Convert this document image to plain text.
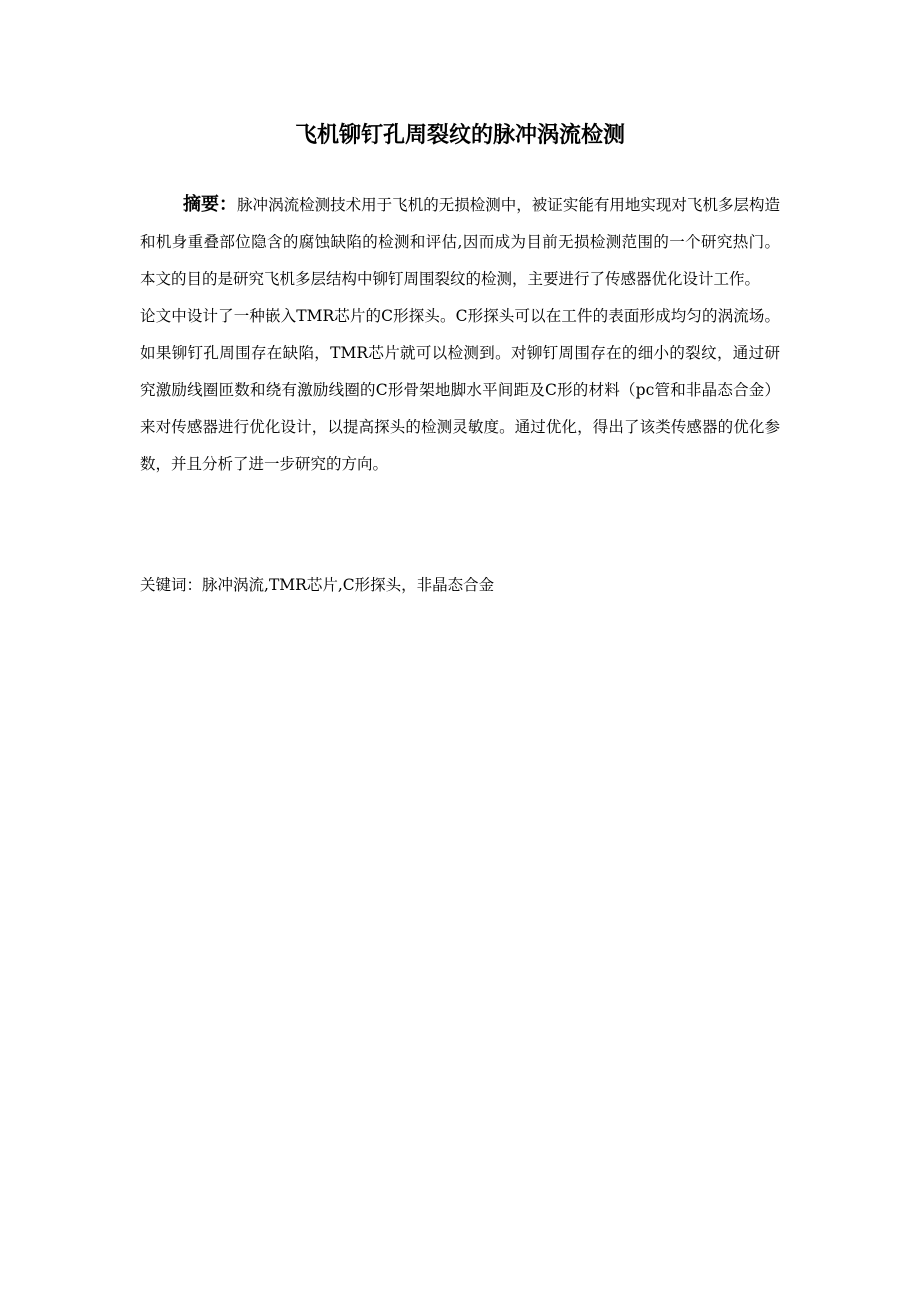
飞机铆钉孔周裂纹的脉冲涡流检测

摘要：脉冲涡流检测技术用于飞机的无损检测中，被证实能有用地实现对飞机多层构造和机身重叠部位隐含的腐蚀缺陷的检测和评估,因而成为目前无损检测范围的一个研究热门。 本文的目的是研究飞机多层结构中铆钉周围裂纹的检测，主要进行了传感器优化设计工作。

论文中设计了一种嵌入TMR芯片的C形探头。C形探头可以在工件的表面形成均匀的涡流场。如果铆钉孔周围存在缺陷，TMR芯片就可以检测到。对铆钉周围存在的细小的裂纹，通过研究激励线圈匝数和绕有激励线圈的C形骨架地脚水平间距及C形的材料（pc管和非晶态合金）来对传感器进行优化设计，以提高探头的检测灵敏度。通过优化，得出了该类传感器的优化参数，并且分析了进一步研究的方向。

关键词：脉冲涡流,TMR芯片,C形探头，非晶态合金
